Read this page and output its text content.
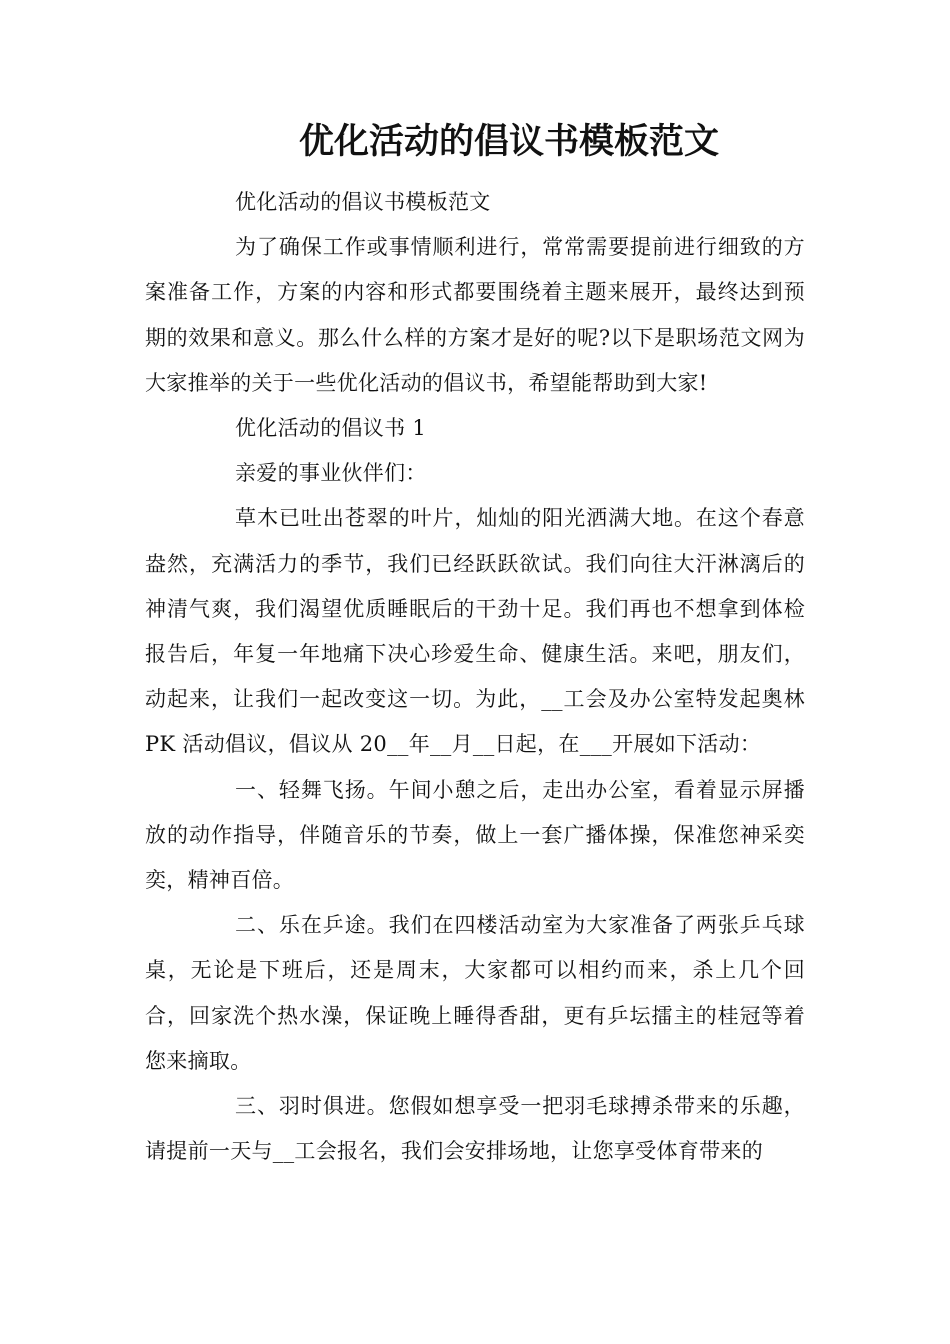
优化活动的倡议书模板范文

优化活动的倡议书模板范文

为了确保工作或事情顺利进行，常常需要提前进行细致的方案准备工作，方案的内容和形式都要围绕着主题来展开，最终达到预期的效果和意义。那么什么样的方案才是好的呢?以下是职场范文网为大家推举的关于一些优化活动的倡议书，希望能帮助到大家!

优化活动的倡议书 1

亲爱的事业伙伴们：

草木已吐出苍翠的叶片，灿灿的阳光洒满大地。在这个春意盎然，充满活力的季节，我们已经跃跃欲试。我们向往大汗淋漓后的神清气爽，我们渴望优质睡眠后的干劲十足。我们再也不想拿到体检报告后，年复一年地痛下决心珍爱生命、健康生活。来吧，朋友们，动起来，让我们一起改变这一切。为此，__工会及办公室特发起奥林 PK 活动倡议，倡议从 20__年__月__日起，在___开展如下活动：

一、轻舞飞扬。午间小憩之后，走出办公室，看着显示屏播放的动作指导，伴随音乐的节奏，做上一套广播体操，保准您神采奕奕，精神百倍。

二、乐在乒途。我们在四楼活动室为大家准备了两张乒乓球桌，无论是下班后，还是周末，大家都可以相约而来，杀上几个回合，回家洗个热水澡，保证晚上睡得香甜，更有乒坛擂主的桂冠等着您来摘取。

三、羽时俱进。您假如想享受一把羽毛球搏杀带来的乐趣，请提前一天与__工会报名，我们会安排场地，让您享受体育带来的
